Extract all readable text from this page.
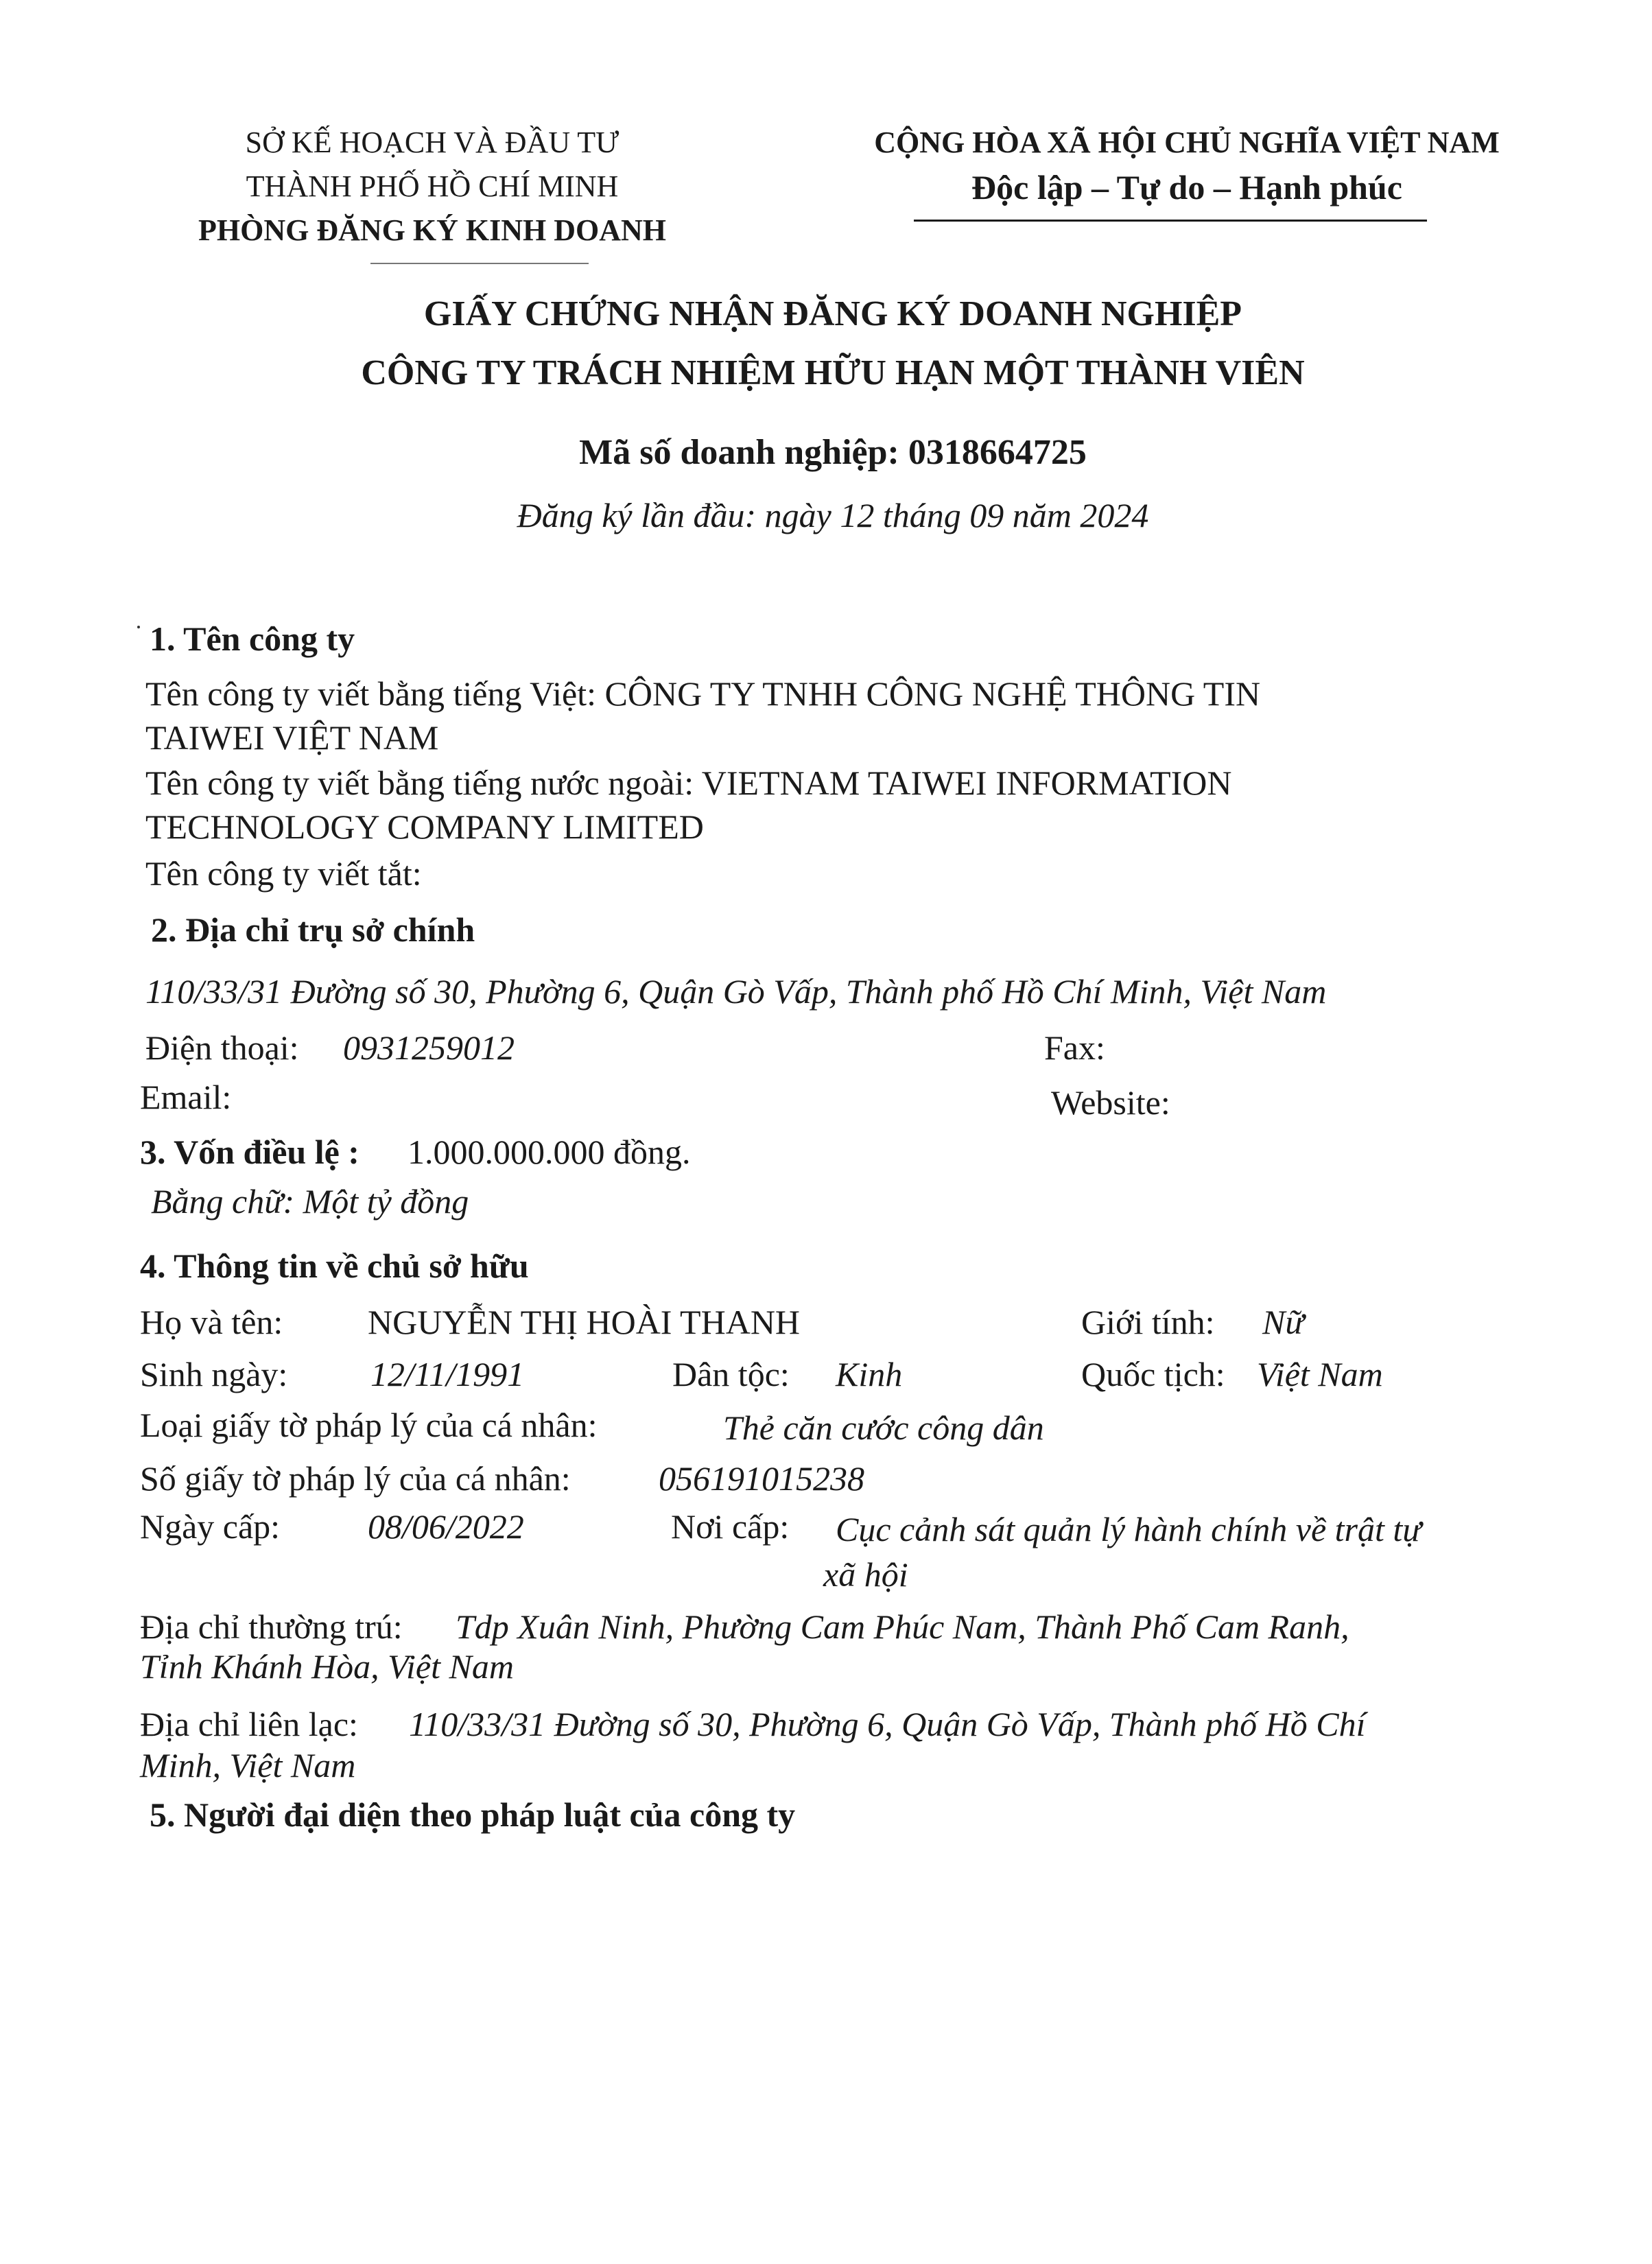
SỞ KẾ HOẠCH VÀ ĐẦU TƯ
THÀNH PHỐ HỒ CHÍ MINH
PHÒNG ĐĂNG KÝ KINH DOANH
CỘNG HÒA XÃ HỘI CHỦ NGHĨA VIỆT NAM
Độc lập – Tự do – Hạnh phúc
GIẤY CHỨNG NHẬN ĐĂNG KÝ DOANH NGHIỆP
CÔNG TY TRÁCH NHIỆM HỮU HẠN MỘT THÀNH VIÊN
Mã số doanh nghiệp: 0318664725
Đăng ký lần đầu: ngày 12 tháng 09 năm 2024
1. Tên công ty
Tên công ty viết bằng tiếng Việt: CÔNG TY TNHH CÔNG NGHỆ THÔNG TIN
TAIWEI VIỆT NAM
Tên công ty viết bằng tiếng nước ngoài: VIETNAM TAIWEI INFORMATION
TECHNOLOGY COMPANY LIMITED
Tên công ty viết tắt:
2. Địa chỉ trụ sở chính
110/33/31 Đường số 30, Phường 6, Quận Gò Vấp, Thành phố Hồ Chí Minh, Việt Nam
Điện thoại: 0931259012	Fax:
Email:	Website:
3. Vốn điều lệ : 1.000.000.000 đồng.
Bằng chữ: Một tỷ đồng
4. Thông tin về chủ sở hữu
Họ và tên: NGUYỄN THỊ HOÀI THANH	Giới tính: Nữ
Sinh ngày: 12/11/1991	Dân tộc: Kinh	Quốc tịch: Việt Nam
Loại giấy tờ pháp lý của cá nhân:	Thẻ căn cước công dân
Số giấy tờ pháp lý của cá nhân:	056191015238
Ngày cấp:	08/06/2022	Nơi cấp: Cục cảnh sát quản lý hành chính về trật tự
xã hội
Địa chỉ thường trú: Tdp Xuân Ninh, Phường Cam Phúc Nam, Thành Phố Cam Ranh,
Tỉnh Khánh Hòa, Việt Nam
Địa chỉ liên lạc: 110/33/31 Đường số 30, Phường 6, Quận Gò Vấp, Thành phố Hồ Chí
Minh, Việt Nam
5. Người đại diện theo pháp luật của công ty
